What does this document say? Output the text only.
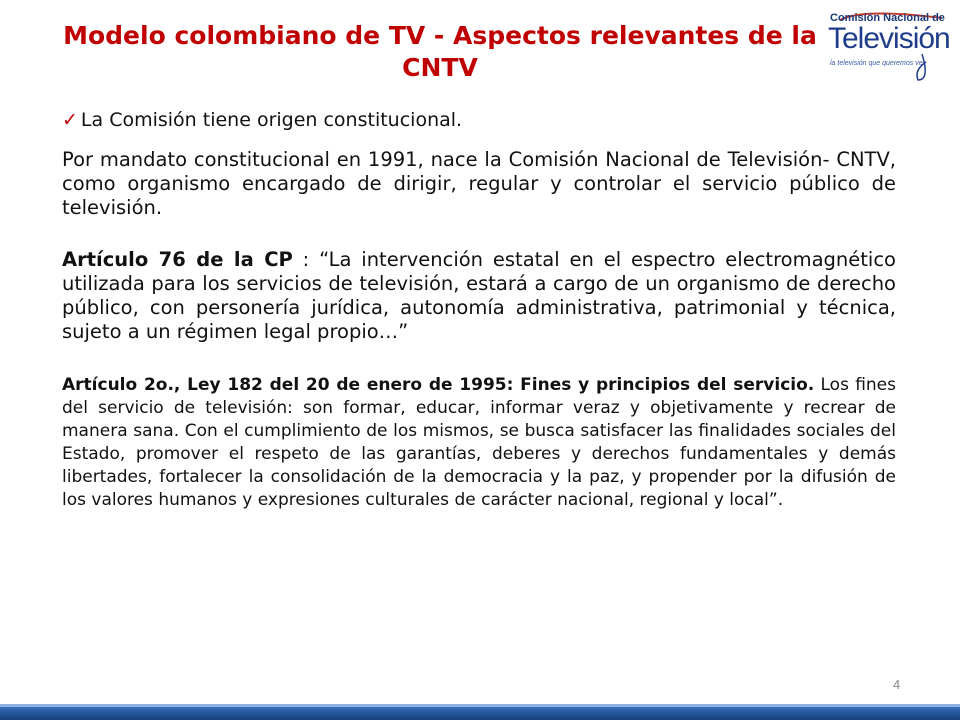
Modelo colombiano de TV - Aspectos relevantes de la CNTV
Comisión Nacional de
Televisión
la televisión que queremos ver

✓ La Comisión tiene origen constitucional.

Por mandato constitucional en 1991, nace la Comisión Nacional de Televisión- CNTV, como organismo encargado de dirigir, regular y controlar el servicio público de televisión.

Artículo 76 de la CP : “La intervención estatal en el espectro electromagnético utilizada para los servicios de televisión, estará a cargo de un organismo de derecho público, con personería jurídica, autonomía administrativa, patrimonial y técnica, sujeto a un régimen legal propio…”

Artículo 2o., Ley 182 del 20 de enero de 1995: Fines y principios del servicio. Los fines del servicio de televisión: son formar, educar, informar veraz y objetivamente y recrear de manera sana. Con el cumplimiento de los mismos, se busca satisfacer las finalidades sociales del Estado, promover el respeto de las garantías, deberes y derechos fundamentales y demás libertades, fortalecer la consolidación de la democracia y la paz, y propender por la difusión de los valores humanos y expresiones culturales de carácter nacional, regional y local”.

4
